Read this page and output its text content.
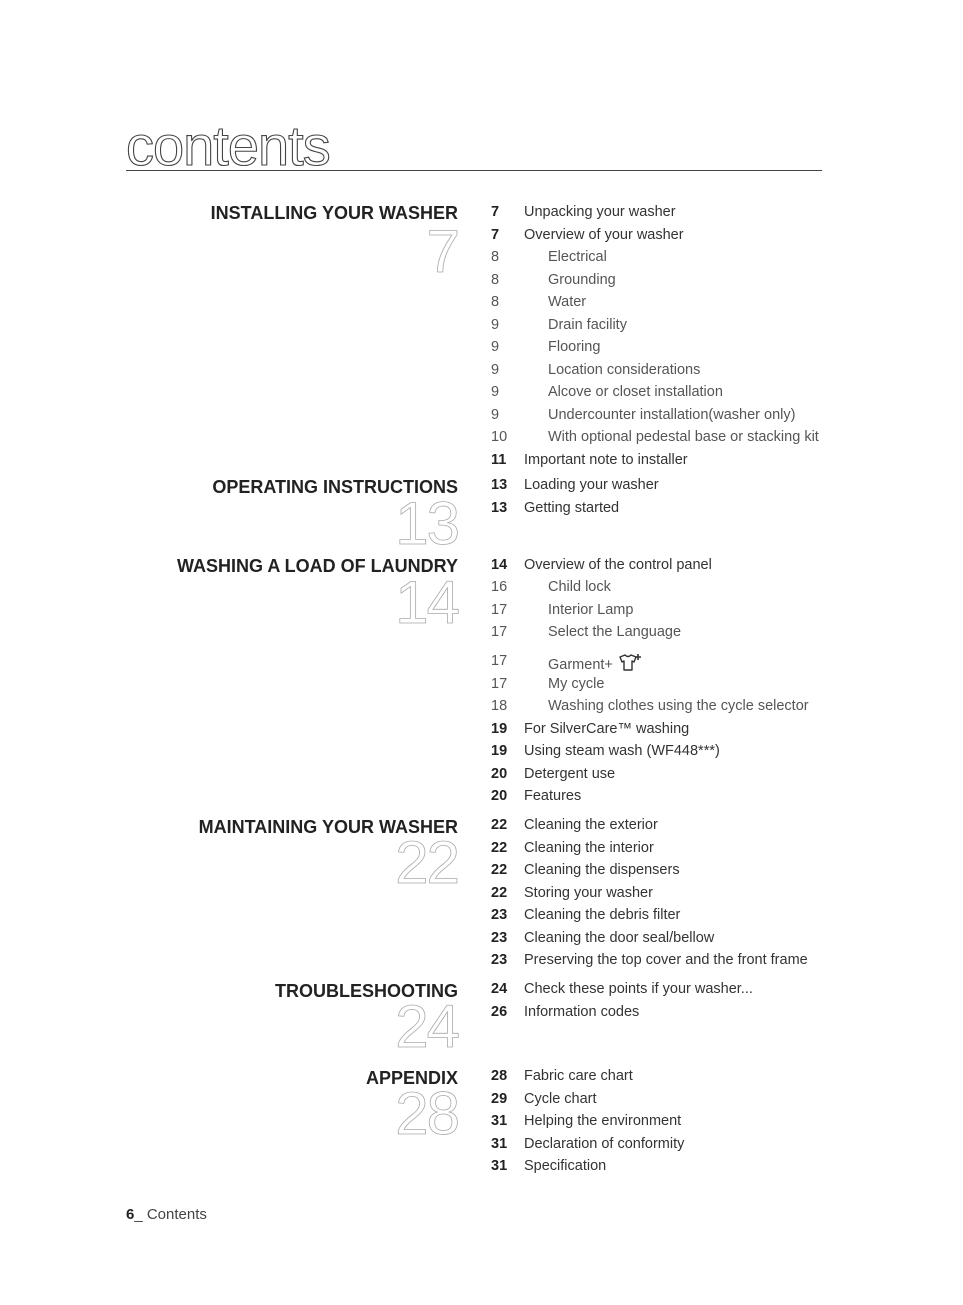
contents
INSTALLING YOUR WASHER
7
OPERATING INSTRUCTIONS
13
WASHING A LOAD OF LAUNDRY
14
MAINTAINING YOUR WASHER
22
TROUBLESHOOTING
24
APPENDIX
28
7	Unpacking your washer
7	Overview of your washer
8	Electrical
8	Grounding
8	Water
9	Drain facility
9	Flooring
9	Location considerations
9	Alcove or closet installation
9	Undercounter installation(washer only)
10	With optional pedestal base or stacking kit
11	Important note to installer
13	Loading your washer
13	Getting started
14	Overview of the control panel
16	Child lock
17	Interior Lamp
17	Select the Language
17	Garment+
17	My cycle
18	Washing clothes using the cycle selector
19	For SilverCare™ washing
19	Using steam wash (WF448***)
20	Detergent use
20	Features
22	Cleaning the exterior
22	Cleaning the interior
22	Cleaning the dispensers
22	Storing your washer
23	Cleaning the debris filter
23	Cleaning the door seal/bellow
23	Preserving the top cover and the front frame
24	Check these points if your washer...
26	Information codes
28	Fabric care chart
29	Cycle chart
31	Helping the environment
31	Declaration of conformity
31	Specification
6_ Contents
